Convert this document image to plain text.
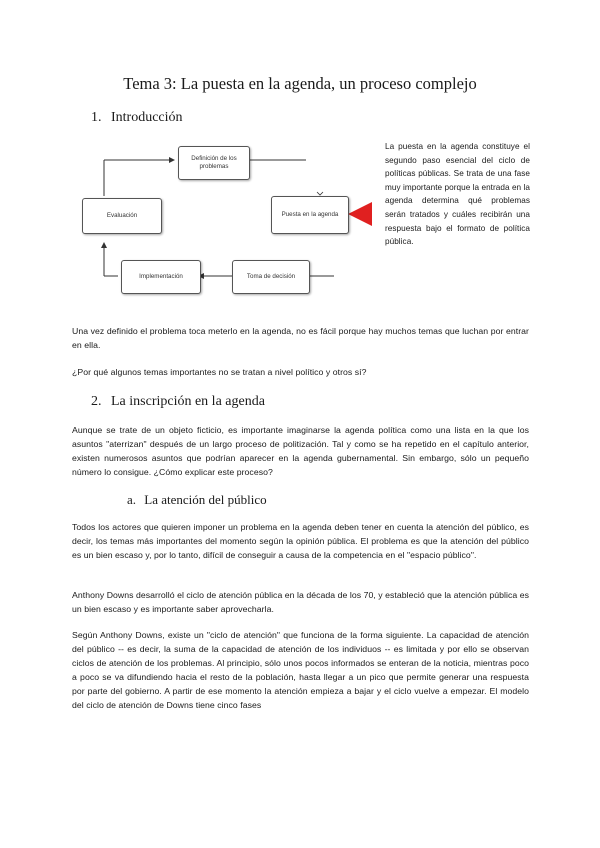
Tema 3: La puesta en la agenda, un proceso complejo
1. Introducción
Definición de los problemas
Puesta en la agenda
Evaluación
Implementación	Toma de decisión
La puesta en la agenda constituye el segundo paso esencial del ciclo de políticas públicas. Se trata de una fase muy importante porque la entrada en la agenda determina qué problemas serán tratados y cuáles recibirán una respuesta bajo el formato de política pública.
Una vez definido el problema toca meterlo en la agenda, no es fácil porque hay muchos temas que luchan por entrar en ella.
¿Por qué algunos temas importantes no se tratan a nivel político y otros sí?
2. La inscripción en la agenda
Aunque se trate de un objeto ficticio, es importante imaginarse la agenda política como una lista en la que los asuntos "aterrizan" después de un largo proceso de politización. Tal y como se ha repetido en el capítulo anterior, existen numerosos asuntos que podrían aparecer en la agenda gubernamental. Sin embargo, sólo un pequeño número lo consigue. ¿Cómo explicar este proceso?
a. La atención del público
Todos los actores que quieren imponer un problema en la agenda deben tener en cuenta la atención del público, es decir, los temas más importantes del momento según la opinión pública. El problema es que la atención del público es un bien escaso y, por lo tanto, difícil de conseguir a causa de la competencia en el "espacio público".
Anthony Downs desarrolló el ciclo de atención pública en la década de los 70, y estableció que la atención pública es un bien escaso y es importante saber aprovecharla.
Según Anthony Downs, existe un "ciclo de atención" que funciona de la forma siguiente. La capacidad de atención del público -- es decir, la suma de la capacidad de atención de los individuos -- es limitada y por ello se observan ciclos de atención de los problemas. Al principio, sólo unos pocos informados se enteran de la noticia, mientras poco a poco se va difundiendo hacia el resto de la población, hasta llegar a un pico que permite generar una respuesta por parte del gobierno. A partir de ese momento la atención empieza a bajar y el ciclo vuelve a empezar. El modelo del ciclo de atención de Downs tiene cinco fases
